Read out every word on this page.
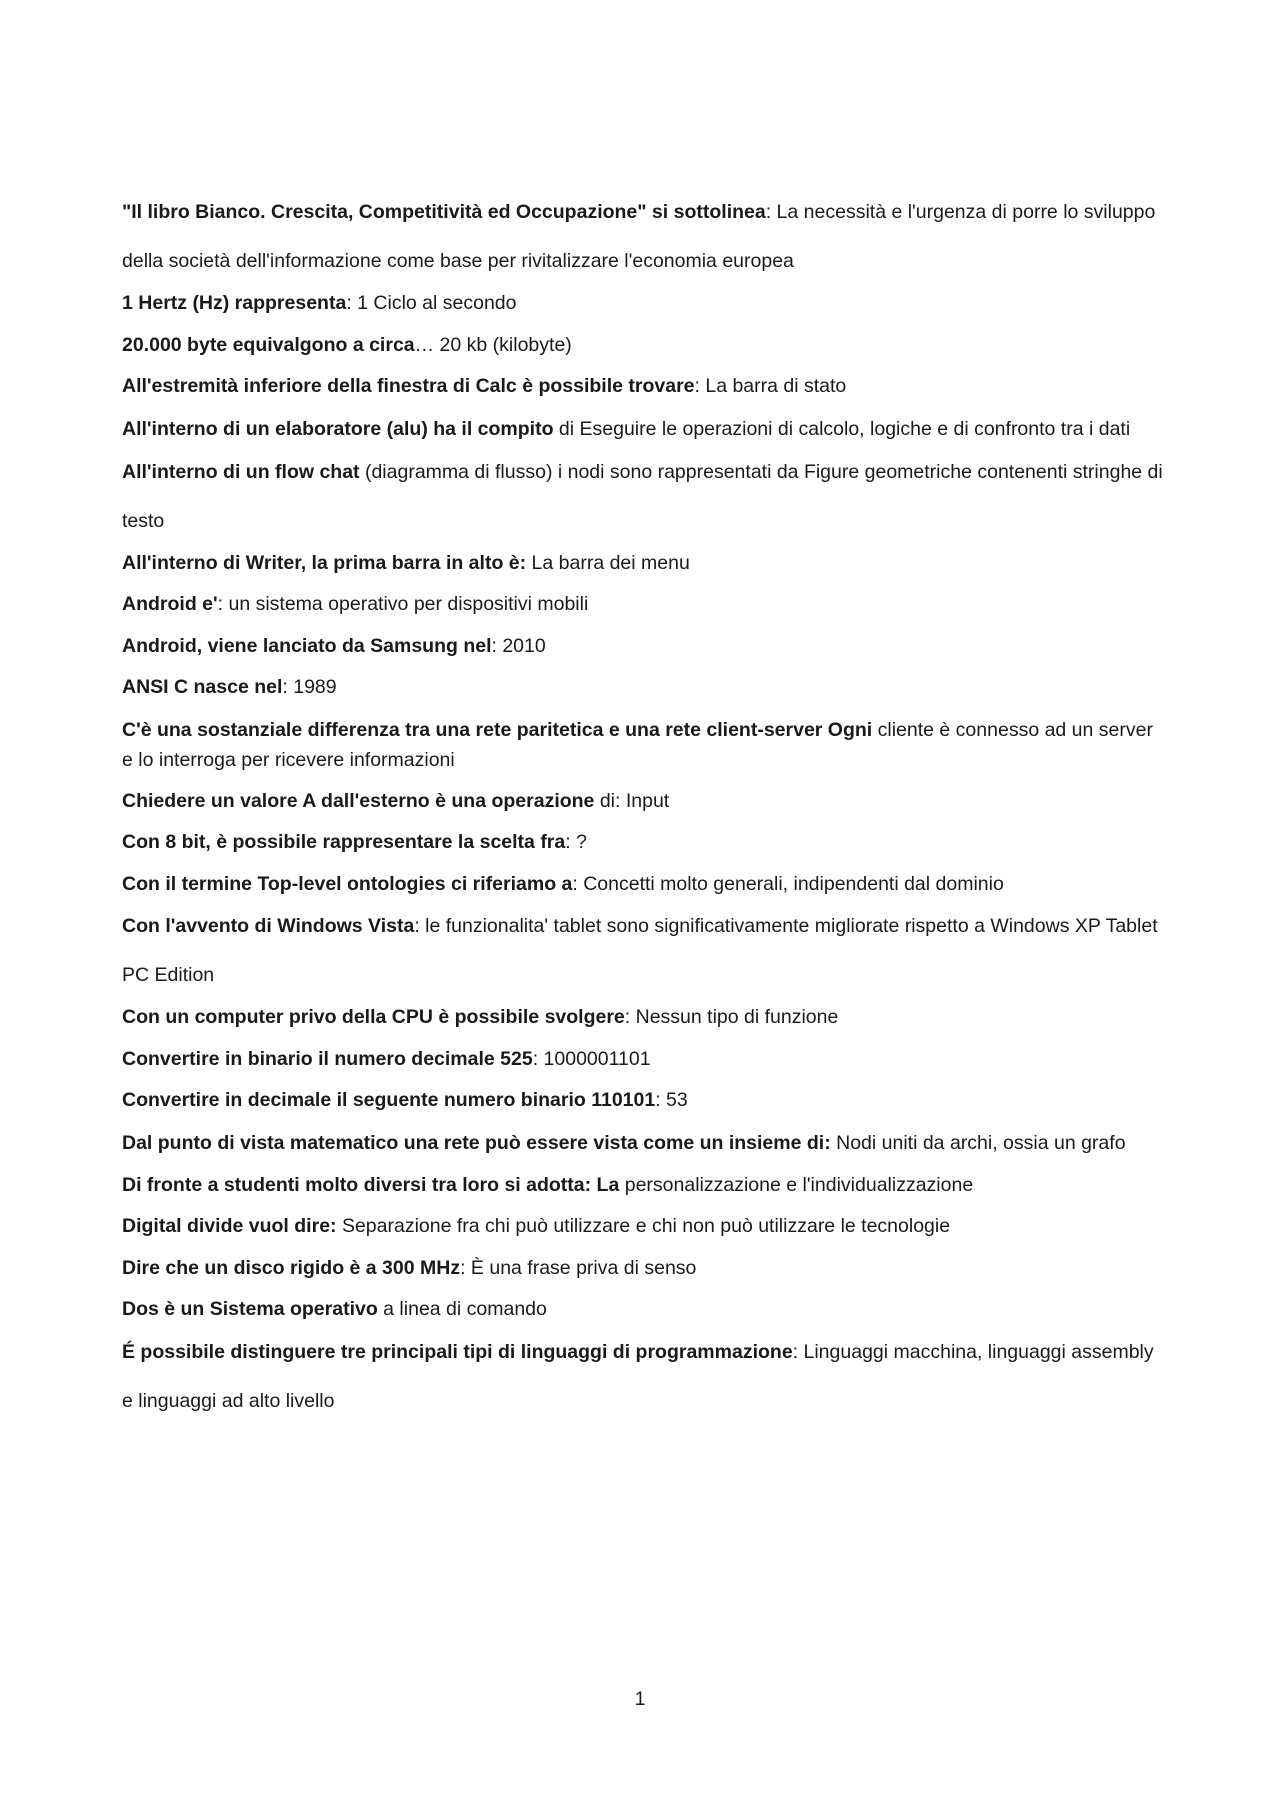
"Il libro Bianco. Crescita, Competitività ed Occupazione" si sottolinea: La necessità e l'urgenza di porre lo sviluppo della società dell'informazione come base per rivitalizzare l'economia europea

1 Hertz (Hz) rappresenta: 1 Ciclo al secondo

20.000 byte equivalgono a circa… 20 kb (kilobyte)

All'estremità inferiore della finestra di Calc è possibile trovare: La barra di stato

All'interno di un elaboratore (alu) ha il compito di Eseguire le operazioni di calcolo, logiche e di confronto tra i dati

All'interno di un flow chat (diagramma di flusso) i nodi sono rappresentati da Figure geometriche contenenti stringhe di testo

All'interno di Writer, la prima barra in alto è: La barra dei menu

Android e': un sistema operativo per dispositivi mobili

Android, viene lanciato da Samsung nel: 2010

ANSI C nasce nel: 1989

C'è una sostanziale differenza tra una rete paritetica e una rete client-server Ogni cliente è connesso ad un server e lo interroga per ricevere informazioni

Chiedere un valore A dall'esterno è una operazione di: Input

Con 8 bit, è possibile rappresentare la scelta fra: ?

Con il termine Top-level ontologies ci riferiamo a: Concetti molto generali, indipendenti dal dominio

Con l'avvento di Windows Vista: le funzionalita' tablet sono significativamente migliorate rispetto a Windows XP Tablet PC Edition

Con un computer privo della CPU è possibile svolgere: Nessun tipo di funzione

Convertire in binario il numero decimale 525: 1000001101

Convertire in decimale il seguente numero binario 110101: 53

Dal punto di vista matematico una rete può essere vista come un insieme di: Nodi uniti da archi, ossia un grafo

Di fronte a studenti molto diversi tra loro si adotta: La personalizzazione e l'individualizzazione

Digital divide vuol dire: Separazione fra chi può utilizzare e chi non può utilizzare le tecnologie

Dire che un disco rigido è a 300 MHz: È una frase priva di senso

Dos è un Sistema operativo a linea di comando

É possibile distinguere tre principali tipi di linguaggi di programmazione: Linguaggi macchina, linguaggi assembly e linguaggi ad alto livello

1
